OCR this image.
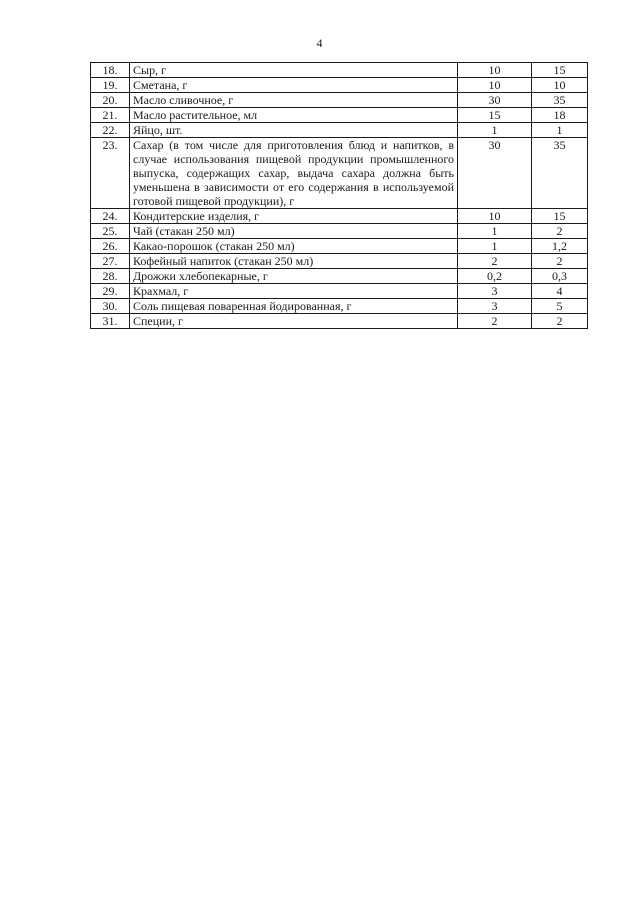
4
18.	Сыр, г	10	15
19.	Сметана, г	10	10
20.	Масло сливочное, г	30	35
21.	Масло растительное, мл	15	18
22.	Яйцо, шт.	1	1
23.	Сахар (в том числе для приготовления блюд и напитков, в случае использования пищевой продукции промышленного выпуска, содержащих сахар, выдача сахара должна быть уменьшена в зависимости от его содержания в используемой готовой пищевой продукции), г	30	35
24.	Кондитерские изделия, г	10	15
25.	Чай (стакан 250 мл)	1	2
26.	Какао-порошок (стакан 250 мл)	1	1,2
27.	Кофейный напиток (стакан 250 мл)	2	2
28.	Дрожжи хлебопекарные, г	0,2	0,3
29.	Крахмал, г	3	4
30.	Соль пищевая поваренная йодированная, г	3	5
31.	Специи, г	2	2
